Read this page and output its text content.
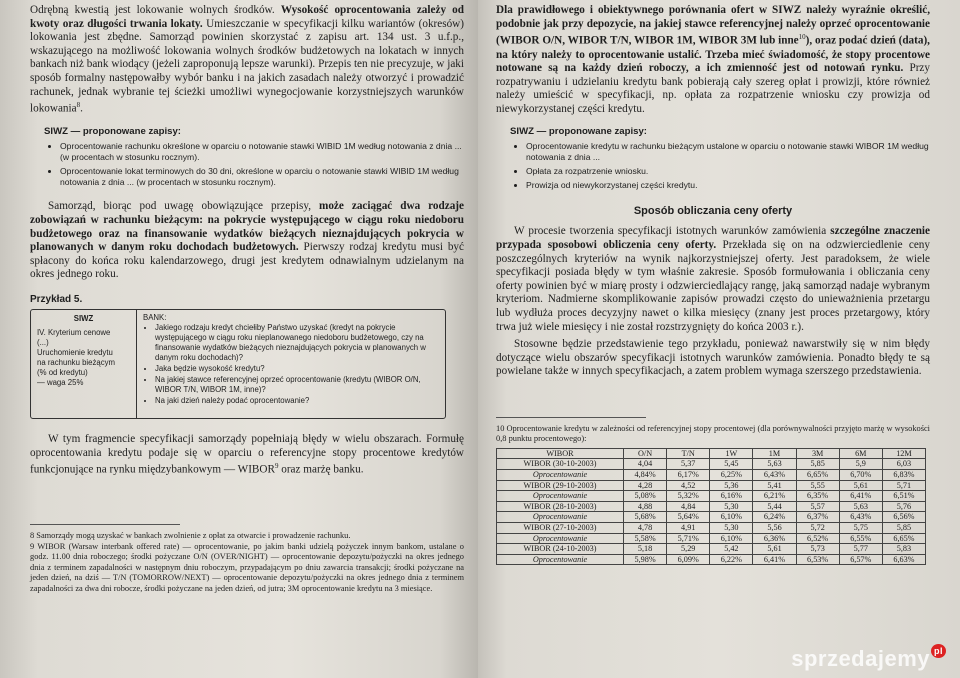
Odrębną kwestią jest lokowanie wolnych środków. Wysokość oprocentowania zależy od kwoty oraz długości trwania lokaty. Umieszczanie w specyfikacji kilku wariantów (okresów) lokowania jest zbędne. Samorząd powinien skorzystać z zapisu art. 134 ust. 3 u.f.p., wskazującego na możliwość lokowania wolnych środków budżetowych na lokatach w innych bankach niż bank wiodący (jeżeli zaproponują lepsze warunki). Przepis ten nie precyzuje, w jaki sposób formalny następowałby wybór banku i na jakich zasadach należy otworzyć i prowadzić rachunek, jednak wybranie tej ścieżki umożliwi wynegocjowanie korzystniejszych warunków lokowania$^8$.

SIWZ — proponowane zapisy:
• Oprocentowanie rachunku określone w oparciu o notowanie stawki WIBID 1M według notowania z dnia ... (w procentach w stosunku rocznym).
• Oprocentowanie lokat terminowych do 30 dni, określone w oparciu o notowanie stawki WIBID 1M według notowania z dnia ... (w procentach w stosunku rocznym).

Samorząd, biorąc pod uwagę obowiązujące przepisy, może zaciągać dwa rodzaje zobowiązań w rachunku bieżącym: na pokrycie występującego w ciągu roku niedoboru budżetowego oraz na finansowanie wydatków bieżących nieznajdujących pokrycia w planowanych w danym roku dochodach budżetowych. Pierwszy rodzaj kredytu musi być spłacony do końca roku kalendarzowego, drugi jest kredytem odnawialnym udzielanym na okres jednego roku.

Przykład 5.
SIWZ
IV. Kryterium cenowe
(...)
Uruchomienie kredytu
na rachunku bieżącym
(% od kredytu)
— waga 25%
BANK:
• Jakiego rodzaju kredyt chciełiby Państwo uzyskać (kredyt na pokrycie występującego w ciągu roku nieplanowanego niedoboru budżetowego, czy na finansowanie wydatków bieżących nieznajdujących pokrycia w planowanych w danym roku dochodach)?
• Jaka będzie wysokość kredytu?
• Na jakiej stawce referencyjnej oprzeć oprocentowanie (kredytu (WIBOR O/N, WIBOR T/N, WIBOR 1M, inne)?
• Na jaki dzień należy podać oprocentowanie?

W tym fragmencie specyfikacji samorządy popełniają błędy w wielu obszarach. Formułę oprocentowania kredytu podaje się w oparciu o referencyjne stopy procentowe kredytów funkcjonujące na rynku międzybankowym — WIBOR$^9$ oraz marżę banku.

8 Samorządy mogą uzyskać w bankach zwolnienie z opłat za otwarcie i prowadzenie rachunku.

9 WIBOR (Warsaw interbank offered rate) — oprocentowanie, po jakim banki udzielą pożyczek innym bankom, ustalane o godz. 11.00 dnia roboczego; środki pożyczane O/N (OVER/NIGHT) — oprocentowanie depozytu/pożyczki na okres jednego dnia z terminem zapadalności w następnym dniu roboczym, przypadającym po dniu zawarcia transakcji; środki pożyczane na jeden dzień, na dziś — T/N (TOMORROW/NEXT) — oprocentowanie depozytu/pożyczki na okres jednego dnia z terminem zapadalności za dwa dni robocze, środki pożyczane na jeden dzień, od jutra; 3M oprocentowanie kredytu na 3 miesiące.

Dla prawidłowego i obiektywnego porównania ofert w SIWZ należy wyraźnie określić, podobnie jak przy depozycie, na jakiej stawce referencyjnej należy oprzeć oprocentowanie (WIBOR O/N, WIBOR T/N, WIBOR 1M, WIBOR 3M lub inne$^{10}$), oraz podać dzień (data), na który należy to oprocentowanie ustalić. Trzeba mieć świadomość, że stopy procentowe notowane są na każdy dzień roboczy, a ich zmienność jest od notowań rynku. Przy rozpatrywaniu i udzielaniu kredytu bank pobierają cały szereg opłat i prowizji, które również należy umieścić w specyfikacji, np. opłata za rozpatrzenie wniosku czy prowizja od niewykorzystanej części kredytu.

SIWZ — proponowane zapisy:
• Oprocentowanie kredytu w rachunku bieżącym ustalone w oparciu o notowanie stawki WIBOR 1M według notowania z dnia ...
• Opłata za rozpatrzenie wniosku.
• Prowizja od niewykorzystanej części kredytu.
Sposób obliczania ceny oferty

W procesie tworzenia specyfikacji istotnych warunków zamówienia szczególne znaczenie przypada sposobowi obliczenia ceny oferty. Przekłada się on na odzwierciedlenie ceny poszczególnych kryteriów na wynik najkorzystniejszej oferty. Jest paradoksem, że wiele specyfikacji posiada błędy w tym właśnie zakresie. Sposób formułowania i obliczania ceny oferty powinien być w miarę prosty i odzwierciedlający rangę, jaką samorząd nadaje wybranym kryteriom. Nadmierne skomplikowanie zapisów prowadzi często do unieważnienia przetargu lub wydłuża proces decyzyjny nawet o kilka miesięcy (znany jest proces przetargowy, który trwa już wiele miesięcy i nie został rozstrzygnięty do końca 2003 r.).

Stosowne będzie przedstawienie tego przykładu, ponieważ nawarstwiły się w nim błędy dotyczące wielu obszarów specyfikacji istotnych warunków zamówienia. Ponadto błędy te są powielane także w innych specyfikacjach, a zatem problem wymaga szerszego przedstawienia.

10 Oprocentowanie kredytu w zależności od referencyjnej stopy procentowej (dla porównywalności przyjęto marżę w wysokości 0,8 punktu procentowego):

WIBOR	O/N	T/N	1W	1M	3M	6M	12M
WIBOR (30-10-2003)	4,04	5,37	5,45	5,63	5,85	5,9	6,03
Oprocentowanie	4,84%	6,17%	6,25%	6,43%	6,65%	6,70%	6,83%
WIBOR (29-10-2003)	4,28	4,52	5,36	5,41	5,55	5,61	5,71
Oprocentowanie	5,08%	5,32%	6,16%	6,21%	6,35%	6,41%	6,51%
WIBOR (28-10-2003)	4,88	4,84	5,30	5,44	5,57	5,63	5,76
Oprocentowanie	5,68%	5,64%	6,10%	6,24%	6,37%	6,43%	6,56%
WIBOR (27-10-2003)	4,78	4,91	5,30	5,56	5,72	5,75	5,85
Oprocentowanie	5,58%	5,71%	6,10%	6,36%	6,52%	6,55%	6,65%
WIBOR (24-10-2003)	5,18	5,29	5,42	5,61	5,73	5,77	5,83
Oprocentowanie	5,98%	6,09%	6,22%	6,41%	6,53%	6,57%	6,63%
sprzedajemy $^{pl}$
